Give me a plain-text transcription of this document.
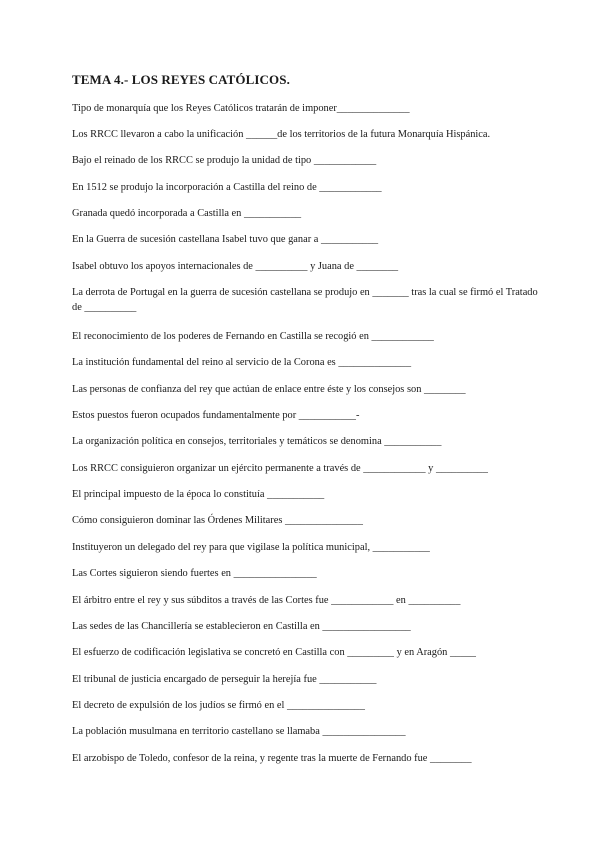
TEMA 4.- LOS REYES CATÓLICOS.
Tipo de monarquía que los Reyes Católicos tratarán de imponer______________
Los RRCC llevaron a cabo la unificación ______de los territorios de la futura Monarquía Hispánica.
Bajo el reinado de los RRCC se produjo la unidad de tipo ____________
En 1512 se produjo la incorporación a Castilla del reino de ____________
Granada quedó incorporada a Castilla en ___________
En la Guerra de sucesión castellana Isabel tuvo que ganar a ___________
Isabel obtuvo los apoyos internacionales de __________ y Juana de ________
La derrota de Portugal en la guerra de sucesión castellana se produjo en _______ tras la cual se firmó el Tratado de __________
El reconocimiento de los poderes de Fernando en Castilla se recogió en ____________
La institución fundamental del reino al servicio de la Corona es ______________
Las personas de confianza del rey que actúan de enlace entre éste y los consejos son ________
Estos puestos fueron ocupados fundamentalmente por ___________-
La organización política en consejos, territoriales y temáticos se denomina ___________
Los RRCC consiguieron organizar un ejército permanente a través de ____________ y __________
El principal impuesto de la época lo constituía ___________
Cómo consiguieron dominar las Órdenes Militares _______________
Instituyeron un delegado del rey para que vigilase la política municipal, ___________
Las Cortes siguieron siendo fuertes en ________________
El árbitro entre el rey y sus súbditos a través de las Cortes fue ____________ en __________
Las sedes de las Chancillería se establecieron en Castilla en _________________
El esfuerzo de codificación legislativa se concretó en Castilla con _________ y en Aragón _____
El tribunal de justicia encargado de perseguir la herejía fue ___________
El decreto de expulsión de los judíos se firmó en el _______________
La población musulmana en territorio castellano se llamaba ________________
El arzobispo de Toledo, confesor de la reina, y regente tras la muerte de Fernando fue ________
